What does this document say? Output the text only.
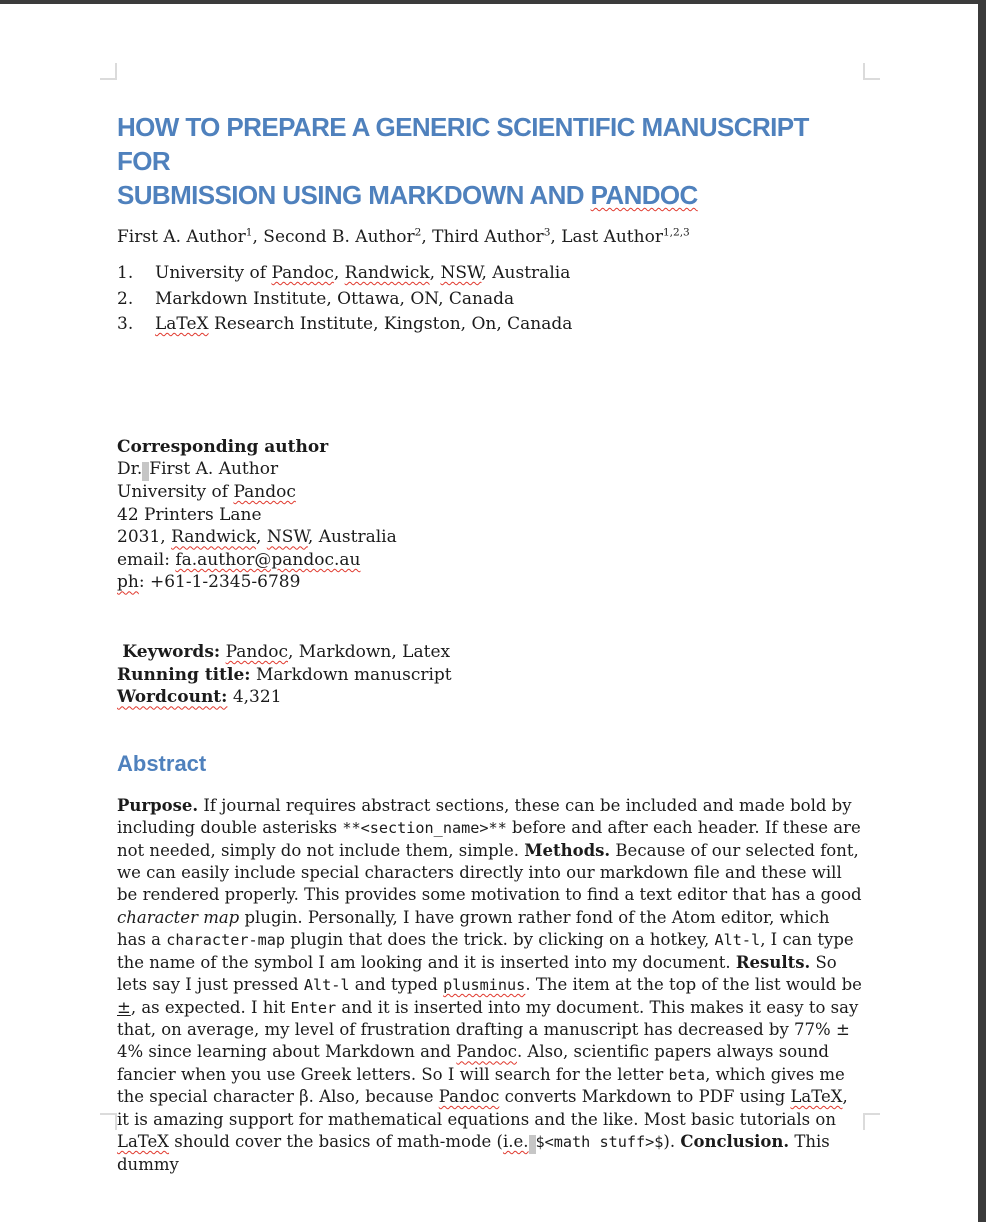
HOW TO PREPARE A GENERIC SCIENTIFIC MANUSCRIPT FOR
SUBMISSION USING MARKDOWN AND PANDOC

First A. Author$^1$, Second B. Author$^2$, Third Author$^3$, Last Author$^{1,2,3}$

1.	University of Pandoc, Randwick, NSW, Australia
2.	Markdown Institute, Ottawa, ON, Canada
3.	LaTeX Research Institute, Kingston, On, Canada
Corresponding author
Dr. First A. Author
University of Pandoc
42 Printers Lane
2031, Randwick, NSW, Australia
email: fa.author@pandoc.au
ph: +61-1-2345-6789
Keywords: Pandoc, Markdown, Latex
Running title: Markdown manuscript
Wordcount: 4,321
Abstract

Purpose. If journal requires abstract sections, these can be included and made bold by including double asterisks **<section_name>** before and after each header. If these are not needed, simply do not include them, simple. Methods. Because of our selected font, we can easily include special characters directly into our markdown file and these will be rendered properly. This provides some motivation to find a text editor that has a good character map plugin. Personally, I have grown rather fond of the Atom editor, which has a character-map plugin that does the trick. by clicking on a hotkey, Alt-l, I can type the name of the symbol I am looking and it is inserted into my document. Results. So lets say I just pressed Alt-l and typed plusminus. The item at the top of the list would be ±, as expected. I hit Enter and it is inserted into my document. This makes it easy to say that, on average, my level of frustration drafting a manuscript has decreased by 77% ± 4% since learning about Markdown and Pandoc. Also, scientific papers always sound fancier when you use Greek letters. So I will search for the letter beta, which gives me the special character β. Also, because Pandoc converts Markdown to PDF using LaTeX, it is amazing support for mathematical equations and the like. Most basic tutorials on LaTeX should cover the basics of math-mode (i.e. $<math stuff>$). Conclusion. This dummy
